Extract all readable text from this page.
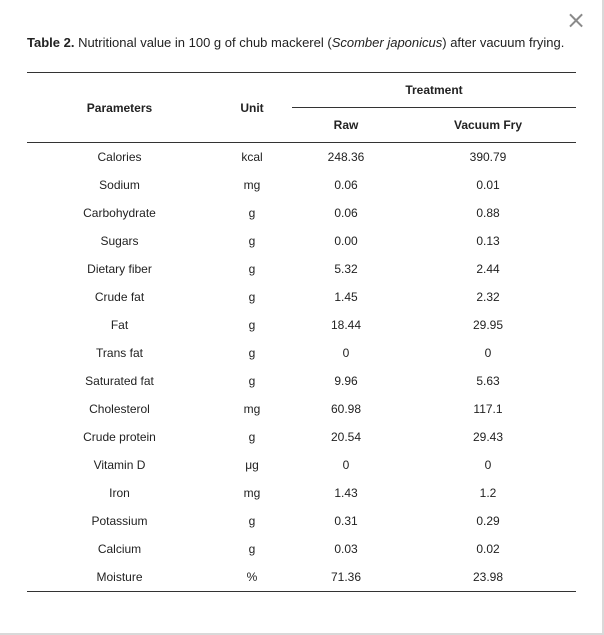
×
Table 2. Nutritional value in 100 g of chub mackerel (Scomber japonicus) after vacuum frying.
Parameters	Unit	Treatment	
		Raw	Vacuum Fry
Calories	kcal	248.36	390.79
Sodium	mg	0.06	0.01
Carbohydrate	g	0.06	0.88
Sugars	g	0.00	0.13
Dietary fiber	g	5.32	2.44
Crude fat	g	1.45	2.32
Fat	g	18.44	29.95
Trans fat	g	0	0
Saturated fat	g	9.96	5.63
Cholesterol	mg	60.98	117.1
Crude protein	g	20.54	29.43
Vitamin D	μg	0	0
Iron	mg	1.43	1.2
Potassium	g	0.31	0.29
Calcium	g	0.03	0.02
Moisture	%	71.36	23.98
